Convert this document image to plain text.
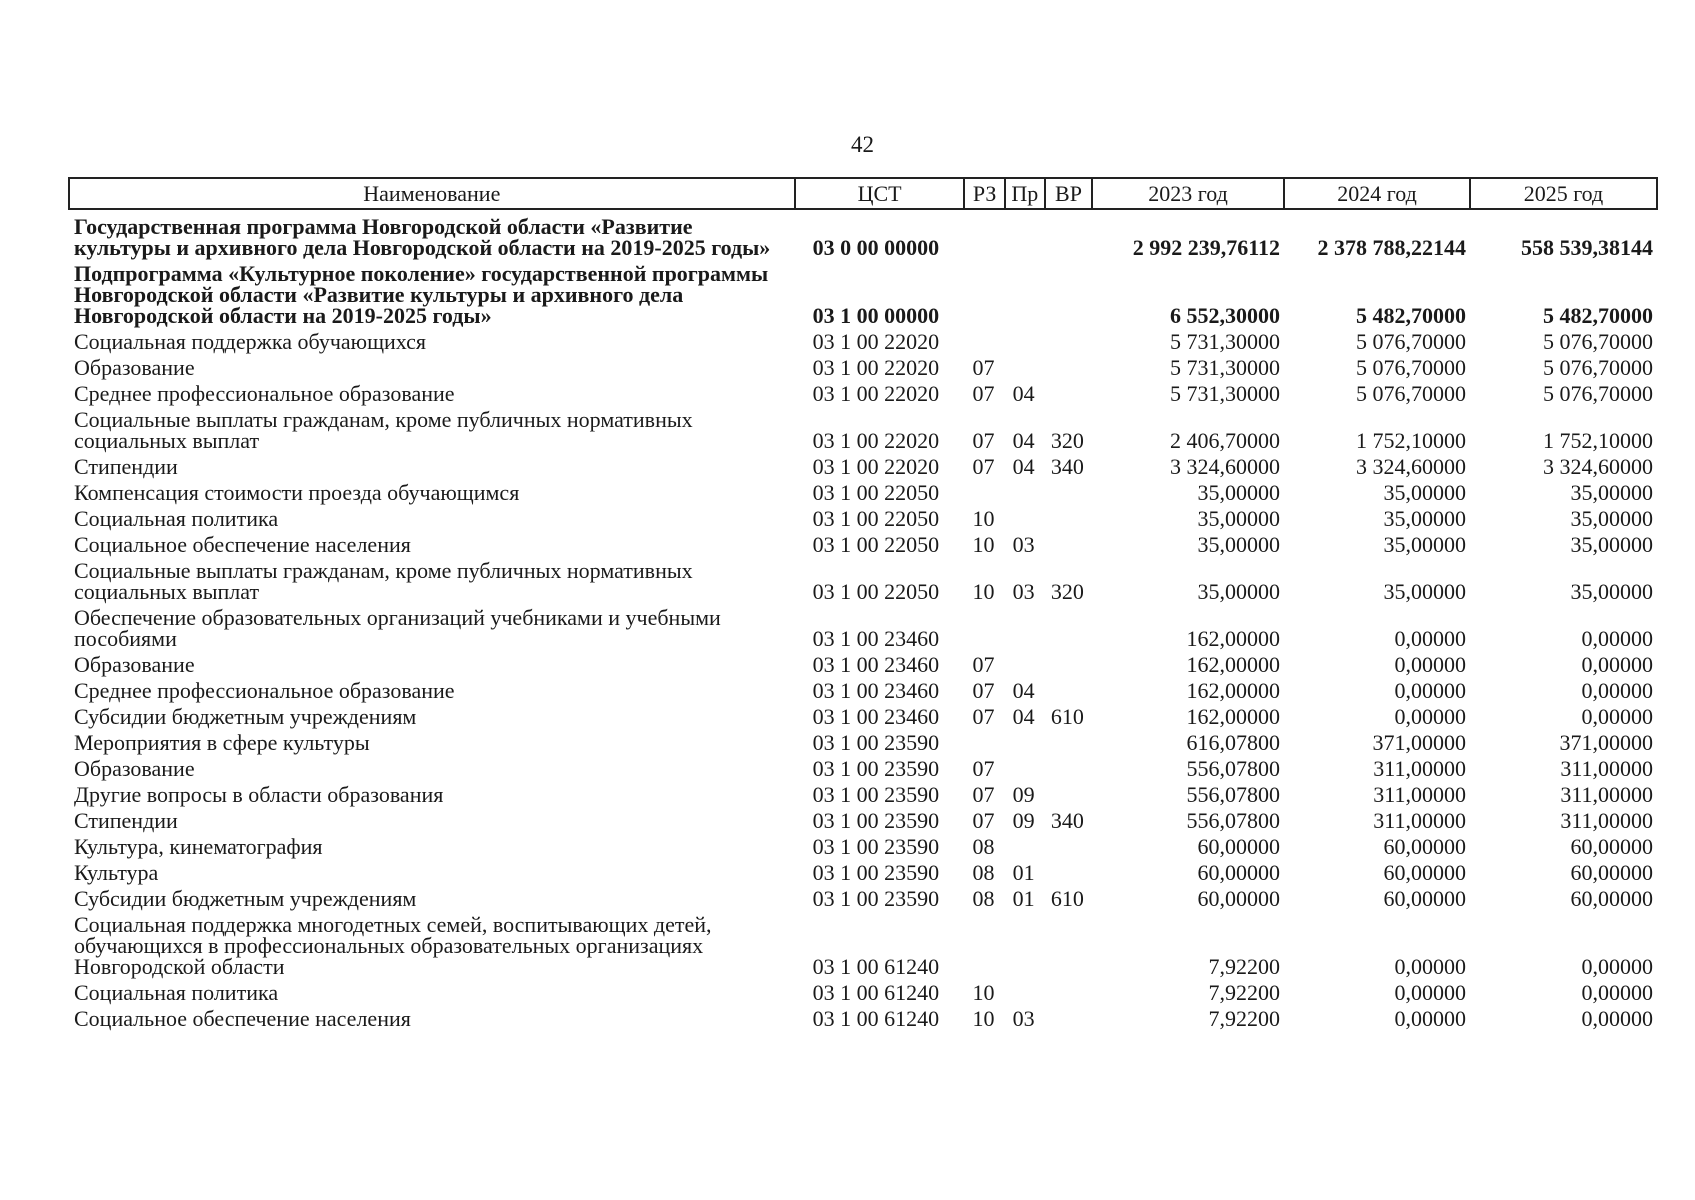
42
Наименование	ЦСТ	РЗ	Пр	ВР	2023 год	2024 год	2025 год
Государственная программа Новгородской области «Развитие культуры и архивного дела Новгородской области на 2019-2025 годы»	03 0 00 00000				2 992 239,76112	2 378 788,22144	558 539,38144
Подпрограмма «Культурное поколение» государственной программы Новгородской области «Развитие культуры и архивного дела Новгородской области на 2019-2025 годы»	03 1 00 00000				6 552,30000	5 482,70000	5 482,70000
Социальная поддержка обучающихся	03 1 00 22020				5 731,30000	5 076,70000	5 076,70000
Образование	03 1 00 22020	07			5 731,30000	5 076,70000	5 076,70000
Среднее профессиональное образование	03 1 00 22020	07	04		5 731,30000	5 076,70000	5 076,70000
Социальные выплаты гражданам, кроме публичных нормативных социальных выплат	03 1 00 22020	07	04	320	2 406,70000	1 752,10000	1 752,10000
Стипендии	03 1 00 22020	07	04	340	3 324,60000	3 324,60000	3 324,60000
Компенсация стоимости проезда обучающимся	03 1 00 22050				35,00000	35,00000	35,00000
Социальная политика	03 1 00 22050	10			35,00000	35,00000	35,00000
Социальное обеспечение населения	03 1 00 22050	10	03		35,00000	35,00000	35,00000
Социальные выплаты гражданам, кроме публичных нормативных социальных выплат	03 1 00 22050	10	03	320	35,00000	35,00000	35,00000
Обеспечение образовательных организаций учебниками и учебными пособиями	03 1 00 23460				162,00000	0,00000	0,00000
Образование	03 1 00 23460	07			162,00000	0,00000	0,00000
Среднее профессиональное образование	03 1 00 23460	07	04		162,00000	0,00000	0,00000
Субсидии бюджетным учреждениям	03 1 00 23460	07	04	610	162,00000	0,00000	0,00000
Мероприятия в сфере культуры	03 1 00 23590				616,07800	371,00000	371,00000
Образование	03 1 00 23590	07			556,07800	311,00000	311,00000
Другие вопросы в области образования	03 1 00 23590	07	09		556,07800	311,00000	311,00000
Стипендии	03 1 00 23590	07	09	340	556,07800	311,00000	311,00000
Культура, кинематография	03 1 00 23590	08			60,00000	60,00000	60,00000
Культура	03 1 00 23590	08	01		60,00000	60,00000	60,00000
Субсидии бюджетным учреждениям	03 1 00 23590	08	01	610	60,00000	60,00000	60,00000
Социальная поддержка многодетных семей, воспитывающих детей, обучающихся в профессиональных образовательных организациях Новгородской области	03 1 00 61240				7,92200	0,00000	0,00000
Социальная политика	03 1 00 61240	10			7,92200	0,00000	0,00000
Социальное обеспечение населения	03 1 00 61240	10	03		7,92200	0,00000	0,00000
